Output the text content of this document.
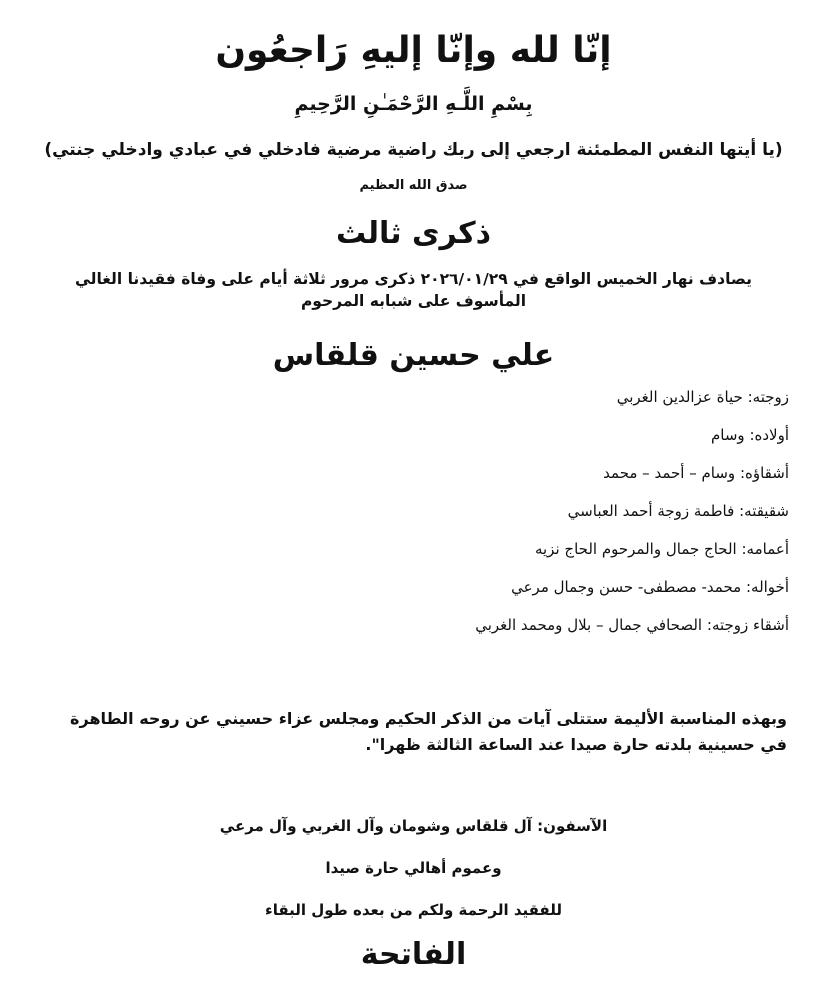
إنّا لله وإنّا إليهِ رَاجعُون
بِسْمِ اللَّـهِ الرَّحْمَـٰنِ الرَّحِيمِ
(يا أيتها النفس المطمئنة ارجعي إلى ربك راضية مرضية فادخلي في عبادي وادخلي جنتي)
صدق الله العظيم
ذكرى ثالث
يصادف نهار الخميس الواقع في ٢٠٢٦/٠١/٢٩ ذكرى مرور ثلاثة أيام على وفاة فقيدنا الغالي المأسوف على شبابه المرحوم
علي حسين قلقاس
زوجته: حياة عزالدين الغربي
أولاده: وسام
أشقاؤه: وسام – أحمد – محمد
شقيقته: فاطمة زوجة أحمد العباسي
أعمامه: الحاج جمال والمرحوم الحاج نزيه
أخواله: محمد- مصطفى- حسن وجمال مرعي
أشقاء زوجته: الصحافي جمال – بلال ومحمد الغربي
وبهذه المناسبة الأليمة ستتلى آيات من الذكر الحكيم ومجلس عزاء حسيني عن روحه الطاهرة في حسينية بلدته حارة صيدا عند الساعة الثالثة ظهرا".
الآسفون: آل قلقاس وشومان وآل الغربي وآل مرعي
وعموم أهالي حارة صيدا
للفقيد الرحمة ولكم من بعده طول البقاء
الفاتحة
